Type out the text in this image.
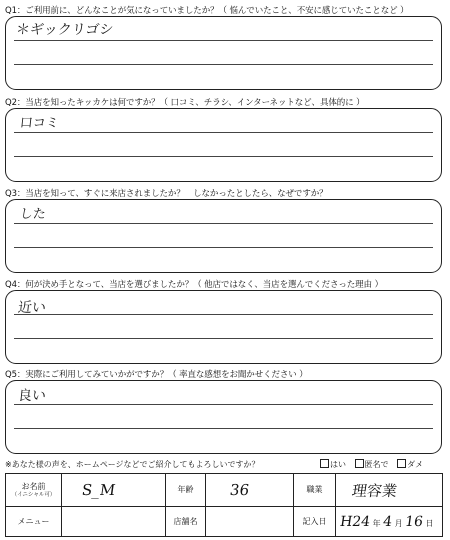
Q1：ご利用前に、どんなことが気になっていましたか？（ 悩んでいたこと、不安に感じていたことなど ）
＊ギックリゴシ
Q2：当店を知ったキッカケは何ですか？（ 口コミ、チラシ、インターネットなど、具体的に ）
口コミ
Q3：当店を知って、すぐに来店されましたか？　しなかったとしたら、なぜですか？
した
Q4：何が決め手となって、当店を選びましたか？（ 他店ではなく、当店を選んでくださった理由 ）
近い
Q5：実際にご利用してみていかがですか？（ 率直な感想をお聞かせください ）
良い
※あなた様の声を、ホームページなどでご紹介してもよろしいですか？	はい 匿名で ダメ
お名前
（イニシャル可）	S_M	年齢	36	職業	理容業
メニュー		店舗名		記入日	H24 年 4 月 16 日
